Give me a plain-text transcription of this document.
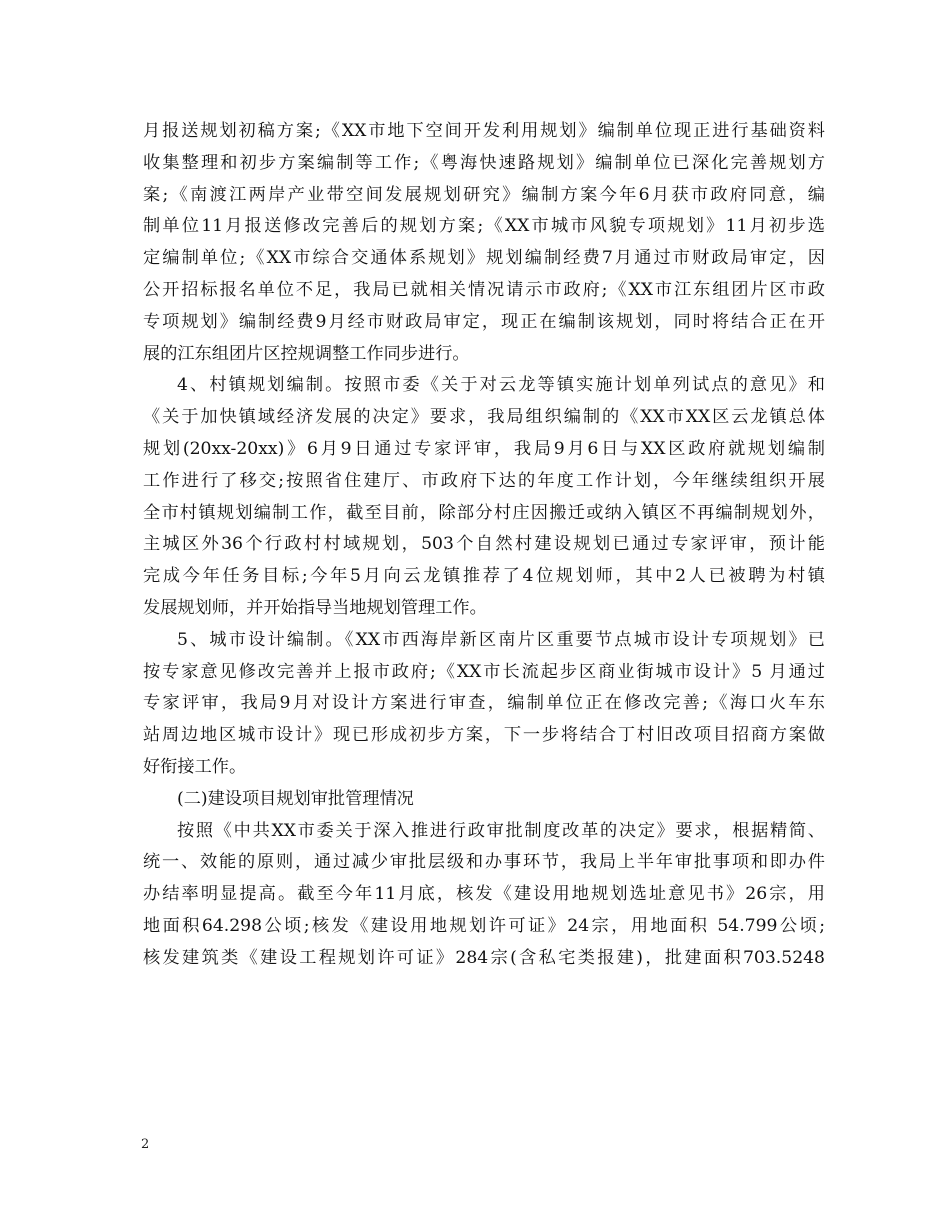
月报送规划初稿方案;《XX市地下空间开发利用规划》编制单位现正进行基础资料
收集整理和初步方案编制等工作;《粤海快速路规划》编制单位已深化完善规划方
案;《南渡江两岸产业带空间发展规划研究》编制方案今年6月获市政府同意，编
制单位11月报送修改完善后的规划方案;《XX市城市风貌专项规划》11月初步选
定编制单位;《XX市综合交通体系规划》规划编制经费7月通过市财政局审定，因
公开招标报名单位不足，我局已就相关情况请示市政府;《XX市江东组团片区市政
专项规划》编制经费9月经市财政局审定，现正在编制该规划，同时将结合正在开
展的江东组团片区控规调整工作同步进行。
4、村镇规划编制。按照市委《关于对云龙等镇实施计划单列试点的意见》和
《关于加快镇域经济发展的决定》要求，我局组织编制的《XX市XX区云龙镇总体
规划(20xx-20xx)》6月9日通过专家评审，我局9月6日与XX区政府就规划编制
工作进行了移交;按照省住建厅、市政府下达的年度工作计划，今年继续组织开展
全市村镇规划编制工作，截至目前，除部分村庄因搬迁或纳入镇区不再编制规划外，
主城区外36个行政村村域规划，503个自然村建设规划已通过专家评审，预计能
完成今年任务目标;今年5月向云龙镇推荐了4位规划师，其中2人已被聘为村镇
发展规划师，并开始指导当地规划管理工作。
5、城市设计编制。《XX市西海岸新区南片区重要节点城市设计专项规划》已
按专家意见修改完善并上报市政府;《XX市长流起步区商业街城市设计》5 月通过
专家评审，我局9月对设计方案进行审查，编制单位正在修改完善;《海口火车东
站周边地区城市设计》现已形成初步方案，下一步将结合丁村旧改项目招商方案做
好衔接工作。
(二)建设项目规划审批管理情况
按照《中共XX市委关于深入推进行政审批制度改革的决定》要求，根据精简、
统一、效能的原则，通过减少审批层级和办事环节，我局上半年审批事项和即办件
办结率明显提高。截至今年11月底，核发《建设用地规划选址意见书》26宗，用
地面积64.298公顷;核发《建设用地规划许可证》24宗，用地面积 54.799公顷;
核发建筑类《建设工程规划许可证》284宗(含私宅类报建)，批建面积703.5248
2
